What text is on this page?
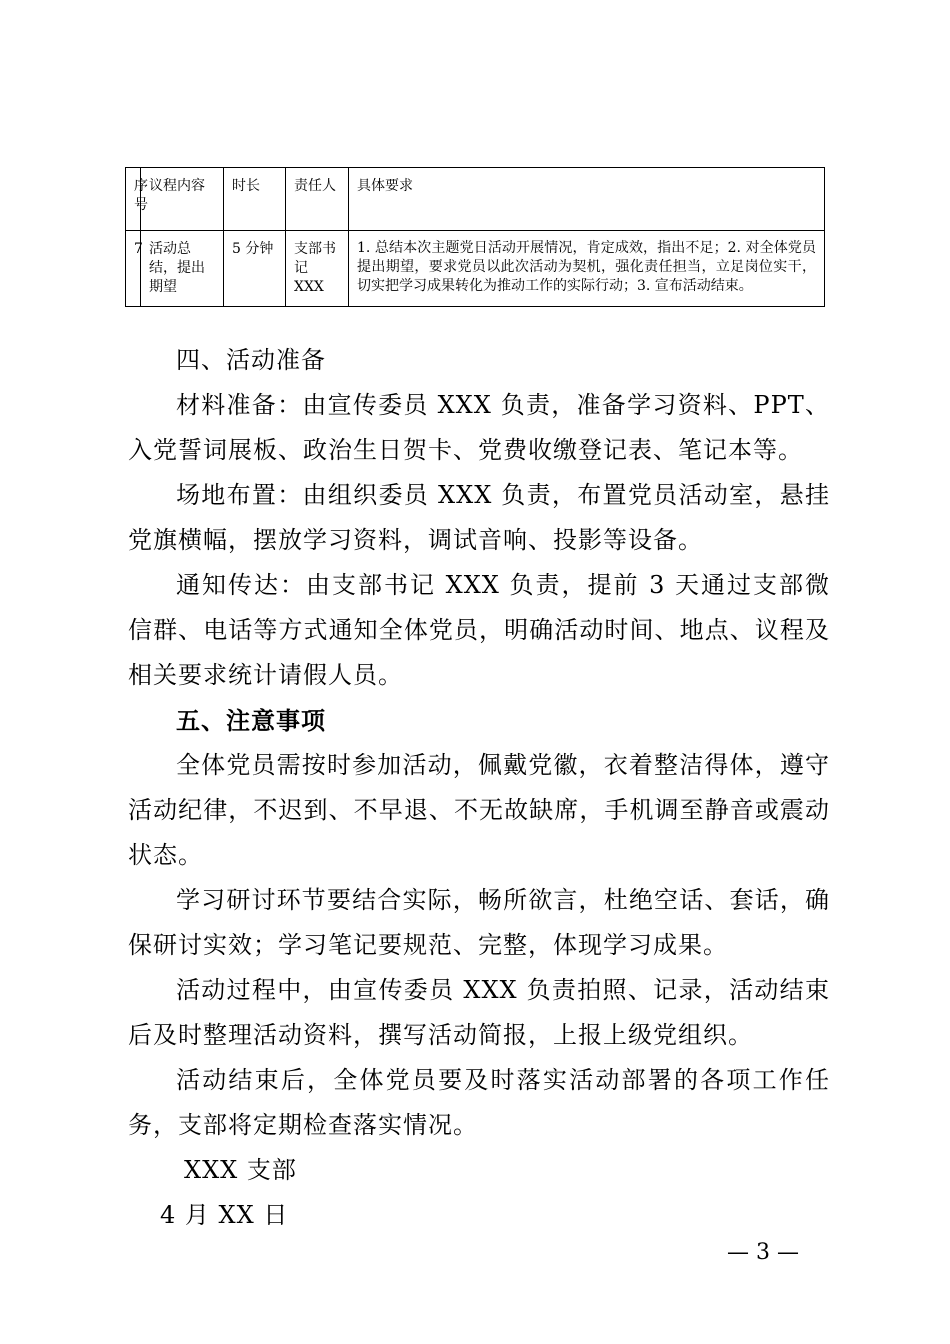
序号	议程内容	时长	责任人	具体要求
7	活动总结，提出期望	5 分钟	支部书记 XXX	1. 总结本次主题党日活动开展情况，肯定成效，指出不足；2. 对全体党员提出期望，要求党员以此次活动为契机，强化责任担当，立足岗位实干，切实把学习成果转化为推动工作的实际行动；3. 宣布活动结束。

四、活动准备

材料准备：由宣传委员 XXX 负责，准备学习资料、PPT、入党誓词展板、政治生日贺卡、党费收缴登记表、笔记本等。

场地布置：由组织委员 XXX 负责，布置党员活动室，悬挂党旗横幅，摆放学习资料，调试音响、投影等设备。

通知传达：由支部书记 XXX 负责，提前 3 天通过支部微信群、电话等方式通知全体党员，明确活动时间、地点、议程及相关要求统计请假人员。

五、注意事项

全体党员需按时参加活动，佩戴党徽，衣着整洁得体，遵守活动纪律，不迟到、不早退、不无故缺席，手机调至静音或震动状态。

学习研讨环节要结合实际，畅所欲言，杜绝空话、套话，确保研讨实效；学习笔记要规范、完整，体现学习成果。

活动过程中，由宣传委员 XXX 负责拍照、记录，活动结束后及时整理活动资料，撰写活动简报，上报上级党组织。

活动结束后，全体党员要及时落实活动部署的各项工作任务，支部将定期检查落实情况。

XXX 支部

4 月 XX 日

— 3 —
